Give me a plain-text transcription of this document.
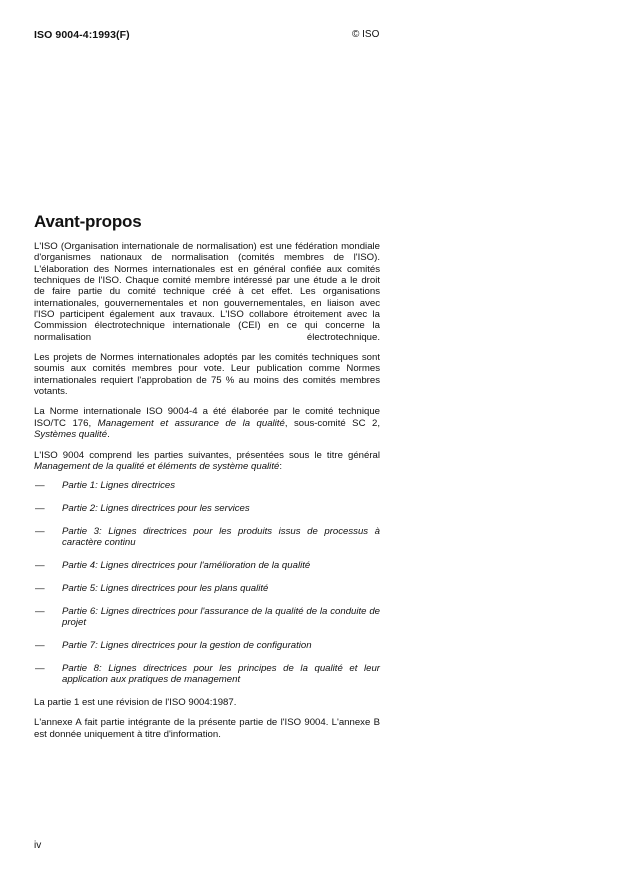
ISO 9004-4:1993(F)	© ISO
Avant-propos

L'ISO (Organisation internationale de normalisation) est une fédération mondiale d'organismes nationaux de normalisation (comités membres de l'ISO). L'élaboration des Normes internationales est en général confiée aux comités techniques de l'ISO. Chaque comité membre intéressé par une étude a le droit de faire partie du comité technique créé à cet effet. Les organisations internationales, gouvernementales et non gouvernementales, en liaison avec l'ISO participent également aux travaux. L'ISO collabore étroitement avec la Commission électrotechnique internationale (CEI) en ce qui concerne la normalisation électrotechnique.

Les projets de Normes internationales adoptés par les comités techniques sont soumis aux comités membres pour vote. Leur publication comme Normes internationales requiert l'approbation de 75 % au moins des comités membres votants.

La Norme internationale ISO 9004-4 a été élaborée par le comité technique ISO/TC 176, Management et assurance de la qualité, sous-comité SC 2, Systèmes qualité.

L'ISO 9004 comprend les parties suivantes, présentées sous le titre général Management de la qualité et éléments de système qualité:

—	Partie 1: Lignes directrices
—	Partie 2: Lignes directrices pour les services
—	Partie 3: Lignes directrices pour les produits issus de processus à caractère continu
—	Partie 4: Lignes directrices pour l'amélioration de la qualité
—	Partie 5: Lignes directrices pour les plans qualité
—	Partie 6: Lignes directrices pour l'assurance de la qualité de la conduite de projet
—	Partie 7: Lignes directrices pour la gestion de configuration
—	Partie 8: Lignes directrices pour les principes de la qualité et leur application aux pratiques de management

La partie 1 est une révision de l'ISO 9004:1987.

L'annexe A fait partie intégrante de la présente partie de l'ISO 9004. L'annexe B est donnée uniquement à titre d'information.

iv
